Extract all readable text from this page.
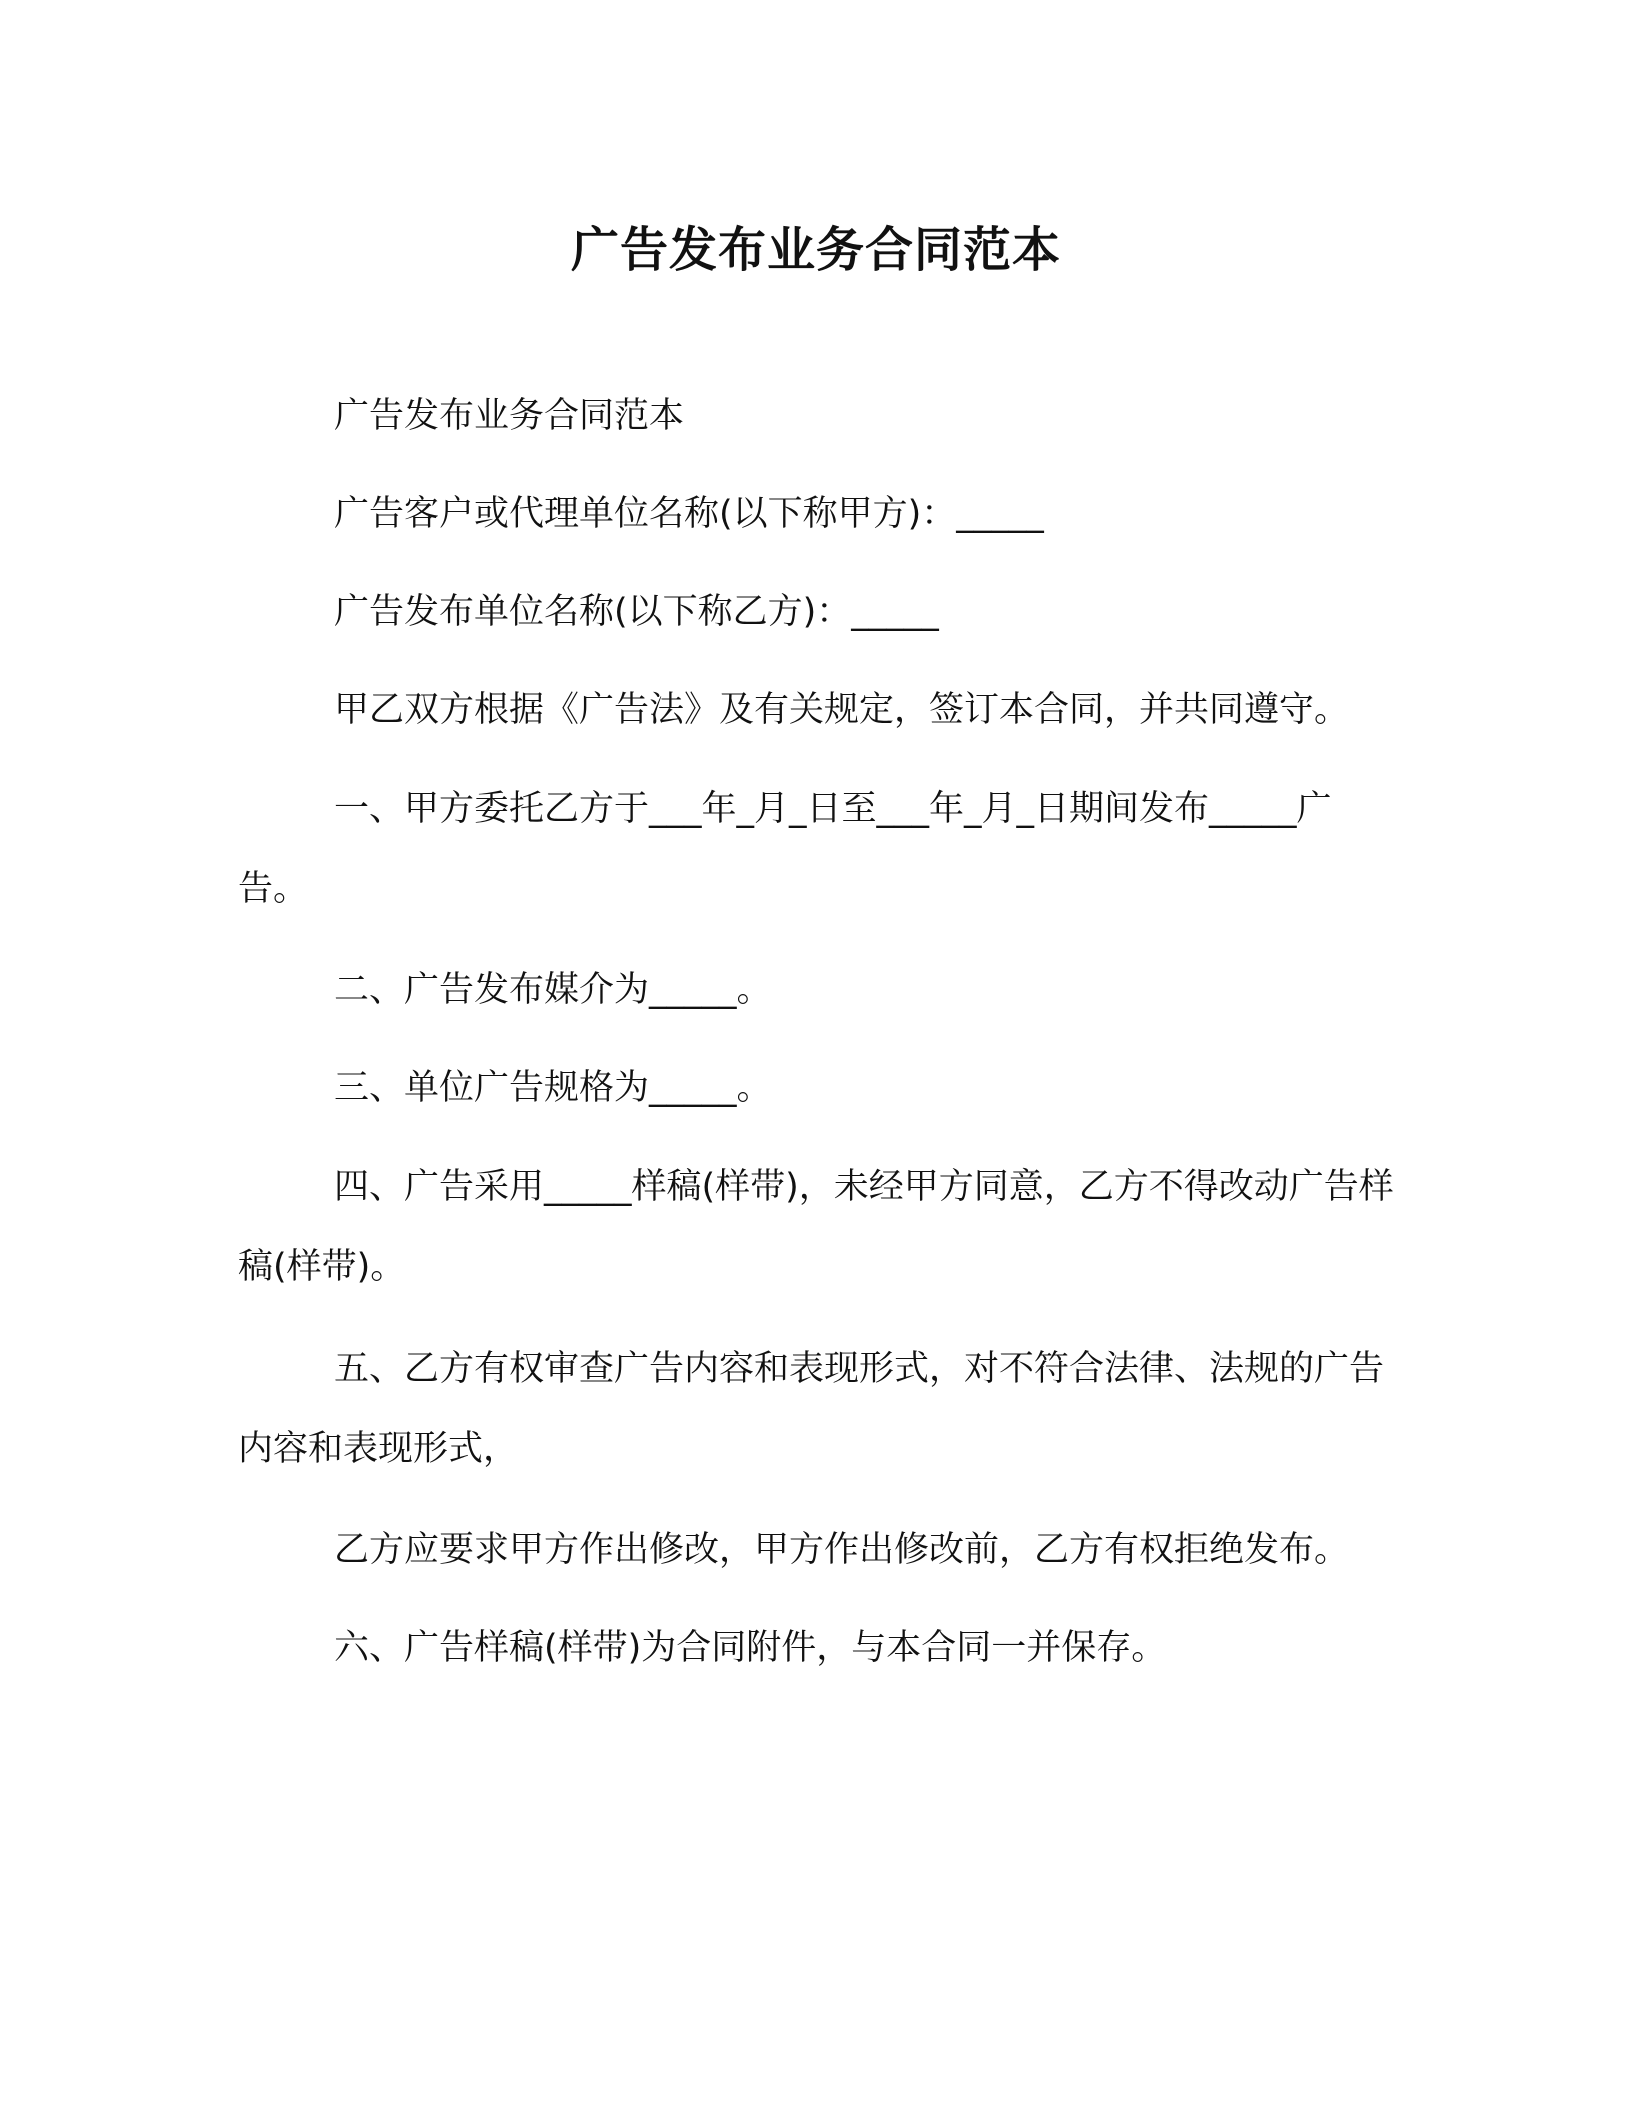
广告发布业务合同范本

广告发布业务合同范本

广告客户或代理单位名称(以下称甲方)：_____

广告发布单位名称(以下称乙方)：_____

甲乙双方根据《广告法》及有关规定，签订本合同，并共同遵守。

一、甲方委托乙方于___年_月_日至___年_月_日期间发布_____广告。

二、广告发布媒介为_____。

三、单位广告规格为_____。

四、广告采用_____样稿(样带)，未经甲方同意，乙方不得改动广告样稿(样带)。

五、乙方有权审查广告内容和表现形式，对不符合法律、法规的广告内容和表现形式，

乙方应要求甲方作出修改，甲方作出修改前，乙方有权拒绝发布。

六、广告样稿(样带)为合同附件，与本合同一并保存。
